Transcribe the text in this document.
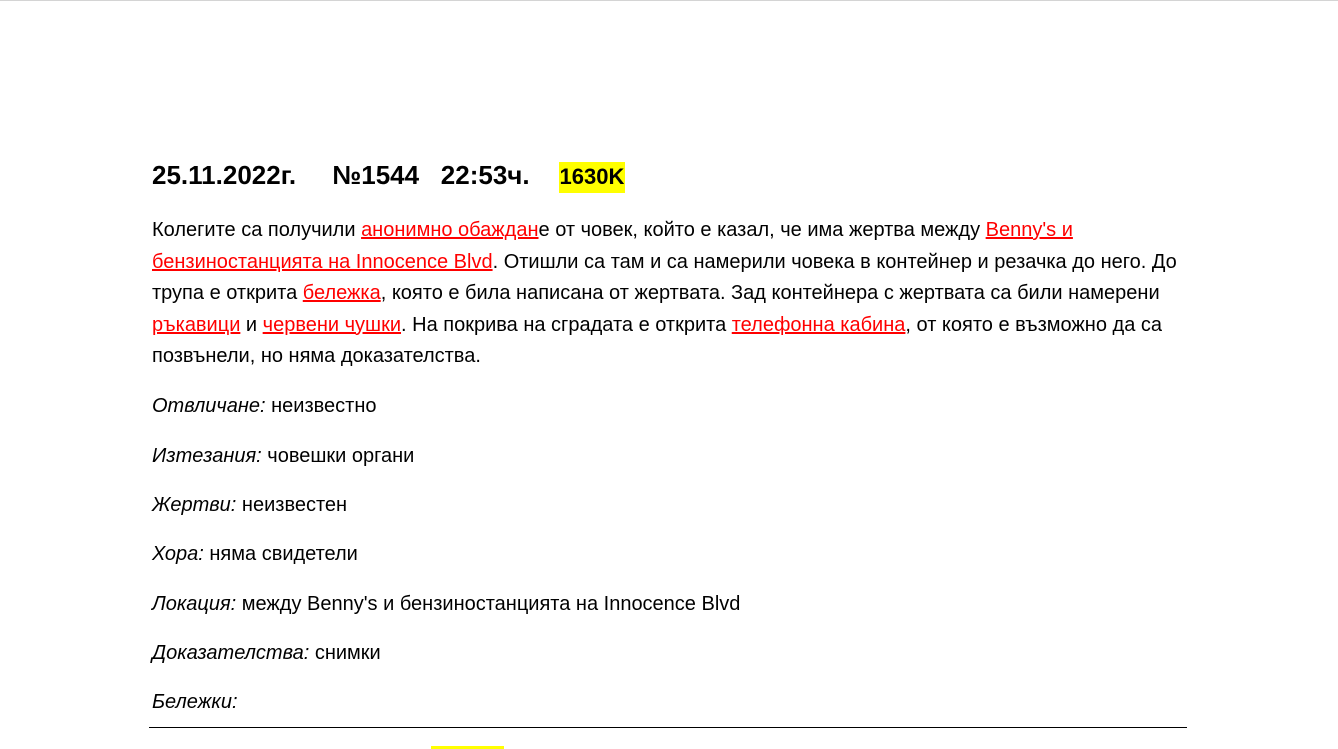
25.11.2022г. №1544 22:53ч. 1630K

Колегите са получили анонимно обаждане от човек, който е казал, че има жертва между Benny's и бензиностанцията на Innocence Blvd. Отишли са там и са намерили човека в контейнер и резачка до него. До трупа е открита бележка, която е била написана от жертвата. Зад контейнера с жертвата са били намерени ръкавици и червени чушки. На покрива на сградата е открита телефонна кабина, от която е възможно да са позвънели, но няма доказателства.

Отвличане: неизвестно

Изтезания: човешки органи

Жертви: неизвестен

Хора: няма свидетели

Локация: между Benny's и бензиностанцията на Innocence Blvd

Доказателства: снимки

Бележки:
